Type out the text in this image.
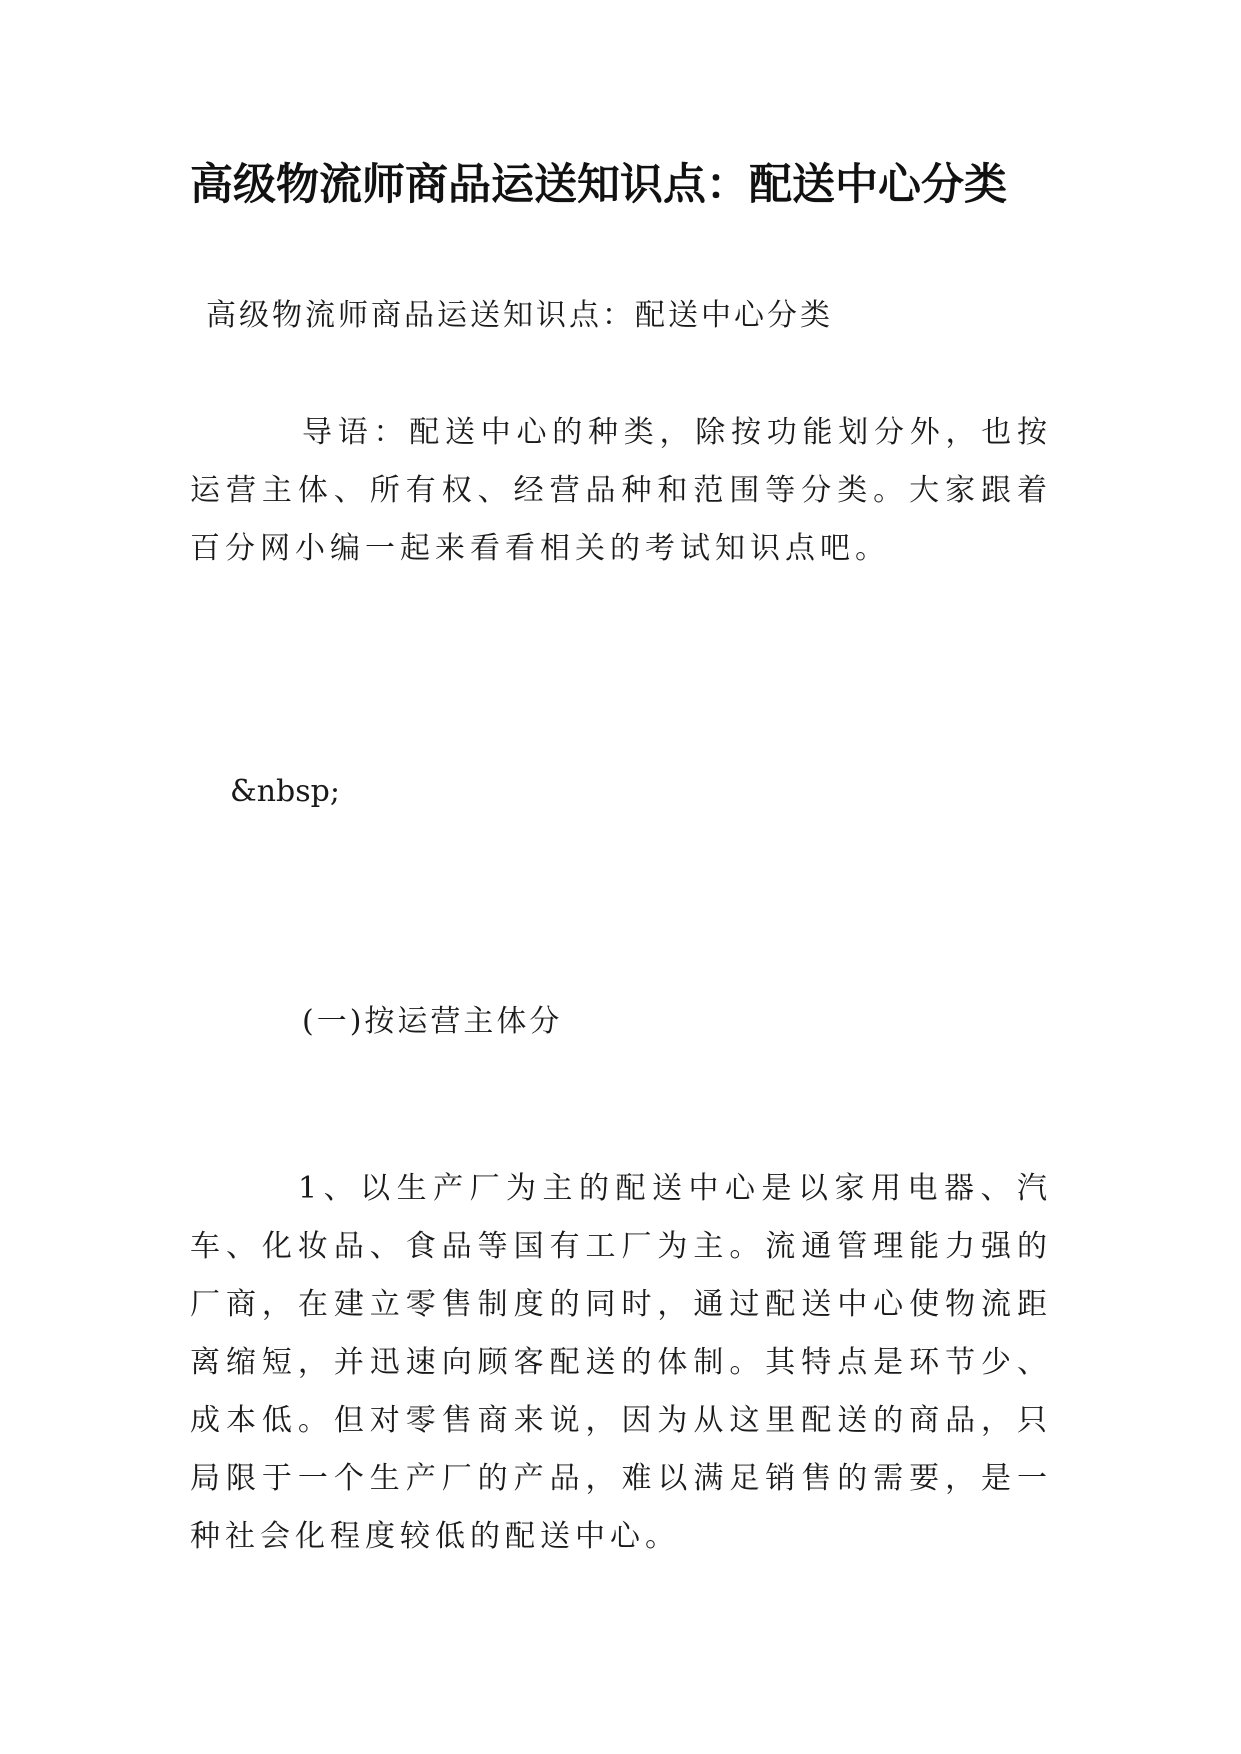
高级物流师商品运送知识点：配送中心分类

高级物流师商品运送知识点：配送中心分类

导语：配送中心的种类，除按功能划分外，也按运营主体、所有权、经营品种和范围等分类。大家跟着百分网小编一起来看看相关的考试知识点吧。

&nbsp;

(一)按运营主体分

1、以生产厂为主的配送中心是以家用电器、汽车、化妆品、食品等国有工厂为主。流通管理能力强的厂商，在建立零售制度的同时，通过配送中心使物流距离缩短，并迅速向顾客配送的体制。其特点是环节少、成本低。但对零售商来说，因为从这里配送的商品，只局限于一个生产厂的产品，难以满足销售的需要，是一种社会化程度较低的配送中心。
